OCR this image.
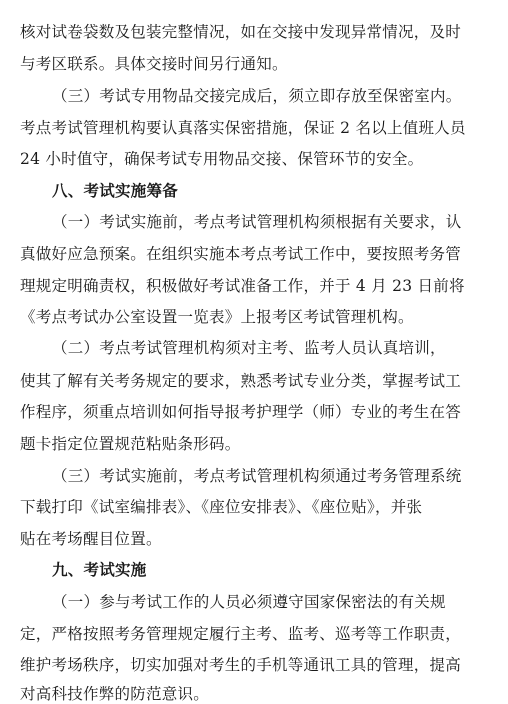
核对试卷袋数及包装完整情况，如在交接中发现异常情况，及时
与考区联系。具体交接时间另行通知。
（三）考试专用物品交接完成后，须立即存放至保密室内。
考点考试管理机构要认真落实保密措施，保证 2 名以上值班人员
24 小时值守，确保考试专用物品交接、保管环节的安全。
八、考试实施筹备
（一）考试实施前，考点考试管理机构须根据有关要求，认
真做好应急预案。在组织实施本考点考试工作中，要按照考务管
理规定明确责权，积极做好考试准备工作，并于 4 月 23 日前将
《考点考试办公室设置一览表》上报考区考试管理机构。
（二）考点考试管理机构须对主考、监考人员认真培训，
使其了解有关考务规定的要求，熟悉考试专业分类，掌握考试工
作程序，须重点培训如何指导报考护理学（师）专业的考生在答
题卡指定位置规范粘贴条形码。
（三）考试实施前，考点考试管理机构须通过考务管理系统
下载打印《试室编排表》、《座位安排表》、《座位贴》，并张
贴在考场醒目位置。
九、考试实施
（一）参与考试工作的人员必须遵守国家保密法的有关规
定，严格按照考务管理规定履行主考、监考、巡考等工作职责，
维护考场秩序，切实加强对考生的手机等通讯工具的管理，提高
对高科技作弊的防范意识。
